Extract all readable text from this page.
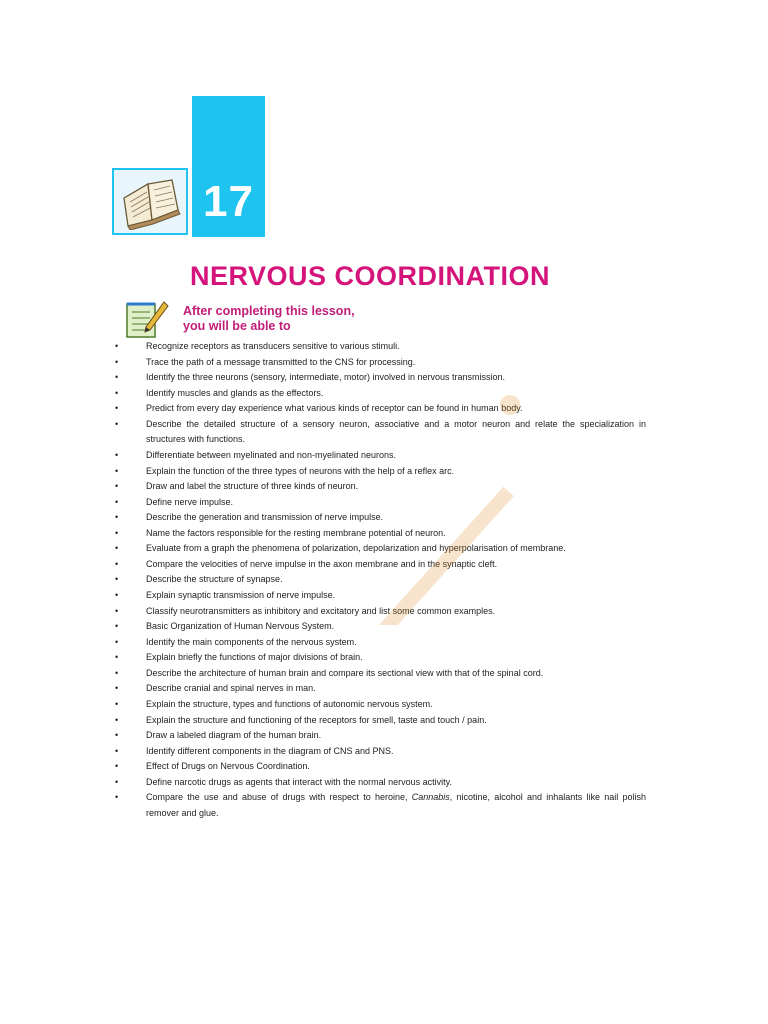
17
NERVOUS COORDINATION
After completing this lesson,
you will be able to
•	Recognize receptors as transducers sensitive to various stimuli.
•	Trace the path of a message transmitted to the CNS for processing.
•	Identify the three neurons (sensory, intermediate, motor) involved in nervous transmission.
•	Identify muscles and glands as the effectors.
•	Predict from every day experience what various kinds of receptor can be found in human body.
•	Describe the detailed structure of a sensory neuron, associative and a motor neuron and relate the specialization in structures with functions.
•	Differentiate between myelinated and non-myelinated neurons.
•	Explain the function of the three types of neurons with the help of a reflex arc.
•	Draw and label the structure of three kinds of neuron.
•	Define nerve impulse.
•	Describe the generation and transmission of nerve impulse.
•	Name the factors responsible for the resting membrane potential of neuron.
•	Evaluate from a graph the phenomena of polarization, depolarization and hyperpolarisation of membrane.
•	Compare the velocities of nerve impulse in the axon membrane and in the synaptic cleft.
•	Describe the structure of synapse.
•	Explain synaptic transmission of nerve impulse.
•	Classify neurotransmitters as inhibitory and excitatory and list some common examples.
•	Basic Organization of Human Nervous System.
•	Identify the main components of the nervous system.
•	Explain briefly the functions of major divisions of brain.
•	Describe the architecture of human brain and compare its sectional view with that of the spinal cord.
•	Describe cranial and spinal nerves in man.
•	Explain the structure, types and functions of autonomic nervous system.
•	Explain the structure and functioning of the receptors for smell, taste and touch / pain.
•	Draw a labeled diagram of the human brain.
•	Identify different components in the diagram of CNS and PNS.
•	Effect of Drugs on Nervous Coordination.
•	Define narcotic drugs as agents that interact with the normal nervous activity.
•	Compare the use and abuse of drugs with respect to heroine, Cannabis, nicotine, alcohol and inhalants like nail polish remover and glue.
